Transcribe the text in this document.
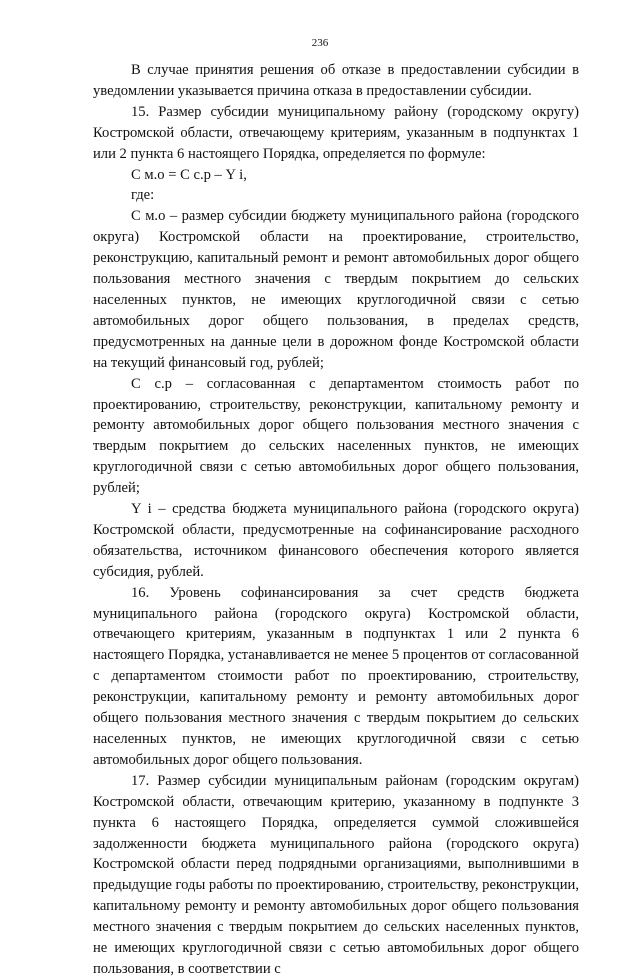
236

В случае принятия решения об отказе в предоставлении субсидии в уведомлении указывается причина отказа в предоставлении субсидии.

15. Размер субсидии муниципальному району (городскому округу) Костромской области, отвечающему критериям, указанным в подпунктах 1 или 2 пункта 6 настоящего Порядка, определяется по формуле:

С м.о = С с.р – Y i,

где:

С м.о – размер субсидии бюджету муниципального района (городского округа) Костромской области на проектирование, строительство, реконструкцию, капитальный ремонт и ремонт автомобильных дорог общего пользования местного значения с твердым покрытием до сельских населенных пунктов, не имеющих круглогодичной связи с сетью автомобильных дорог общего пользования, в пределах средств, предусмотренных на данные цели в дорожном фонде Костромской области на текущий финансовый год, рублей;

С с.р – согласованная с департаментом стоимость работ по проектированию, строительству, реконструкции, капитальному ремонту и ремонту автомобильных дорог общего пользования местного значения с твердым покрытием до сельских населенных пунктов, не имеющих круглогодичной связи с сетью автомобильных дорог общего пользования, рублей;

Y i – средства бюджета муниципального района (городского округа) Костромской области, предусмотренные на софинансирование расходного обязательства, источником финансового обеспечения которого является субсидия, рублей.

16. Уровень софинансирования за счет средств бюджета муниципального района (городского округа) Костромской области, отвечающего критериям, указанным в подпунктах 1 или 2 пункта 6 настоящего Порядка, устанавливается не менее 5 процентов от согласованной с департаментом стоимости работ по проектированию, строительству, реконструкции, капитальному ремонту и ремонту автомобильных дорог общего пользования местного значения с твердым покрытием до сельских населенных пунктов, не имеющих круглогодичной связи с сетью автомобильных дорог общего пользования.

17. Размер субсидии муниципальным районам (городским округам) Костромской области, отвечающим критерию, указанному в подпункте 3 пункта 6 настоящего Порядка, определяется суммой сложившейся задолженности бюджета муниципального района (городского округа) Костромской области перед подрядными организациями, выполнившими в предыдущие годы работы по проектированию, строительству, реконструкции, капитальному ремонту и ремонту автомобильных дорог общего пользования местного значения с твердым покрытием до сельских населенных пунктов, не имеющих круглогодичной связи с сетью автомобильных дорог общего пользования, в соответствии с
